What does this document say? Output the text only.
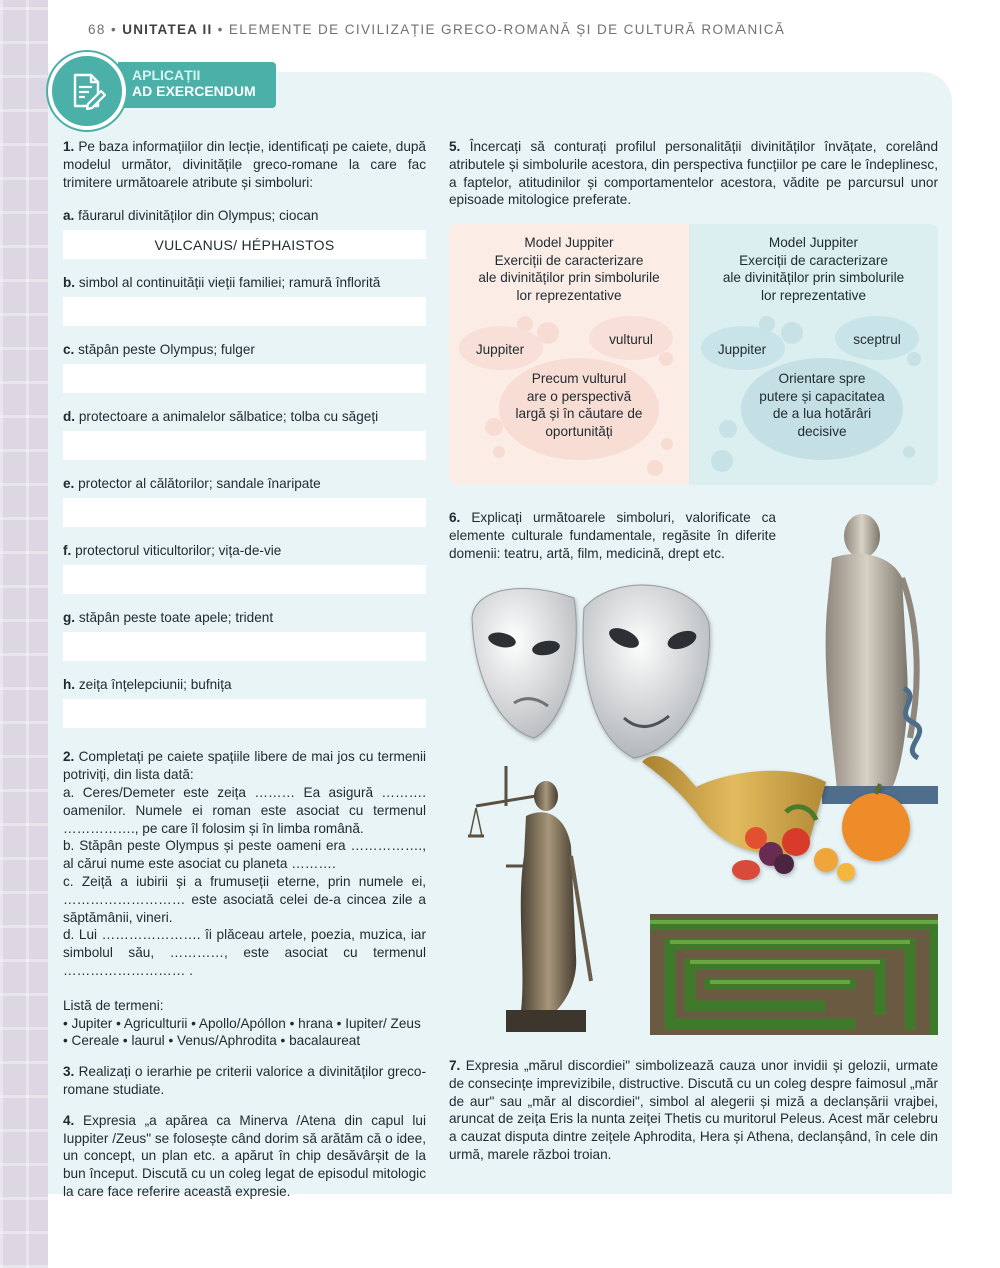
68 • UNITATEA II • ELEMENTE DE CIVILIZAȚIE GRECO-ROMANĂ ȘI DE CULTURĂ ROMANICĂ
APLICAȚII
AD EXERCENDUM
1. Pe baza informațiilor din lecție, identificați pe caiete, după modelul următor, divinitățile greco-romane la care fac trimitere următoarele atribute și simboluri:
a. făurarul divinităților din Olympus; ciocan
VULCANUS/ HÉPHAISTOS
b. simbol al continuității vieții familiei; ramură înflorită
c. stăpân peste Olympus; fulger
d. protectoare a animalelor sălbatice; tolba cu săgeți
e. protector al călătorilor; sandale înaripate
f. protectorul viticultorilor; vița-de-vie
g. stăpân peste toate apele; trident
h. zeița înțelepciunii; bufnița
2. Completați pe caiete spațiile libere de mai jos cu termenii potriviți, din lista dată:
a. Ceres/Demeter este zeița ……… Ea asigură ………. oamenilor. Numele ei roman este asociat cu termenul ……………., pe care îl folosim și în limba română.
b. Stăpân peste Olympus și peste oameni era ……………., al cărui nume este asociat cu planeta ……….
c. Zeiță a iubirii și a frumuseții eterne, prin numele ei, ……………………… este asociată celei de-a cincea zile a săptămânii, vineri.
d. Lui …………………. îi plăceau artele, poezia, muzica, iar simbolul său, …………, este asociat cu termenul ……………………… .
Listă de termeni:
• Jupiter • Agriculturii • Apollo/Apóllon • hrana • Iupiter/ Zeus • Cereale • laurul • Venus/Aphrodita • bacalaureat
3. Realizați o ierarhie pe criterii valorice a divinităților greco-romane studiate.
4. Expresia „a apărea ca Minerva /Atena din capul lui Iuppiter /Zeus" se folosește când dorim să arătăm că o idee, un concept, un plan etc. a apărut în chip desăvârșit de la bun început. Discută cu un coleg legat de episodul mitologic la care face referire această expresie.
5. Încercați să conturați profilul personalității divinităților învățate, corelând atributele și simbolurile acestora, din perspectiva funcțiilor pe care le îndeplinesc, a faptelor, atitudinilor și comportamentelor acestora, vădite pe parcursul unor episoade mitologice preferate.
Model Juppiter
Exerciții de caracterizare
ale divinităților prin simbolurile
lor reprezentative
Juppiter
vulturul
Precum vulturul
are o perspectivă
largă și în căutare de
oportunități
Model Juppiter
Exerciții de caracterizare
ale divinităților prin simbolurile
lor reprezentative
Juppiter
sceptrul
Orientare spre
putere și capacitatea
de a lua hotărâri
decisive
6. Explicați următoarele simboluri, valorificate ca elemente culturale fundamentale, regăsite în diferite domenii: teatru, artă, film, medicină, drept etc.
7. Expresia „mărul discordiei" simbolizează cauza unor invidii și gelozii, urmate de consecințe imprevizibile, distructive. Discută cu un coleg despre faimosul „măr de aur" sau „măr al discordiei", simbol al alegerii și miză a declanșării vrajbei, aruncat de zeița Eris la nunta zeiței Thetis cu muritorul Peleus. Acest măr celebru a cauzat disputa dintre zeițele Aphrodita, Hera și Athena, declanșând, în cele din urmă, marele război troian.
